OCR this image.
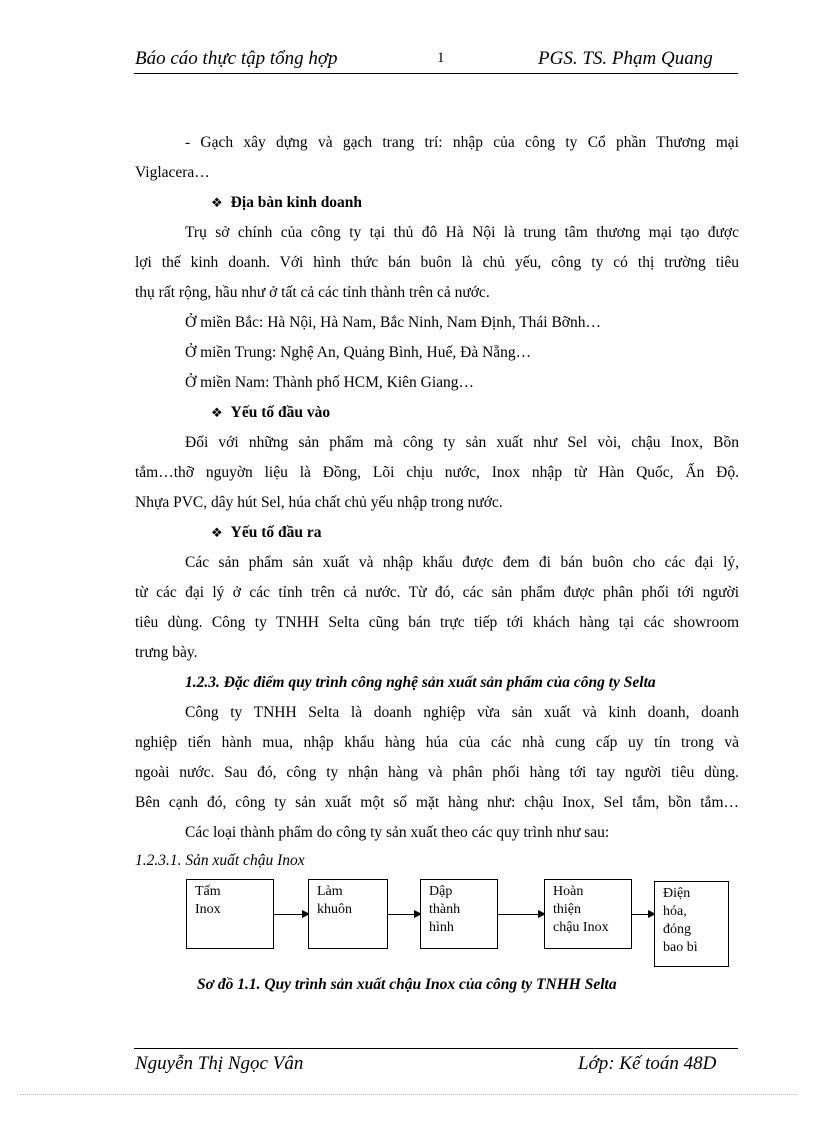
Báo cáo thực tập tổng hợp	1	PGS. TS. Phạm Quang
- Gạch xây dựng và gạch trang trí: nhập của công ty Cổ phần Thương mại
Viglacera…
❖ Địa bàn kinh doanh
Trụ sở chính của công ty tại thủ đô Hà Nội là trung tâm thương mại tạo được
lợi thế kinh doanh. Với hình thức bán buôn là chủ yếu, công ty có thị trường tiêu
thụ rất rộng, hầu như ở tất cả các tỉnh thành trên cả nước.
Ở miền Bắc: Hà Nội, Hà Nam, Bắc Ninh, Nam Định, Thái Bỡnh…
Ở miền Trung: Nghệ An, Quảng Bình, Huế, Đà Nẵng…
Ở miền Nam: Thành phố HCM, Kiên Giang…
❖ Yếu tố đầu vào
Đối với những sản phẩm mà công ty sản xuất như Sel vòi, chậu Inox, Bồn
tắm…thỡ nguyờn liệu là Đồng, Lõi chịu nước, Inox nhập từ Hàn Quốc, Ấn Độ.
Nhựa PVC, dây hút Sel, húa chất chủ yếu nhập trong nước.
❖ Yếu tố đầu ra
Các sản phẩm sản xuất và nhập khẩu được đem đi bán buôn cho các đại lý,
từ các đại lý ở các tỉnh trên cả nước. Từ đó, các sản phẩm được phân phối tới người
tiêu dùng. Công ty TNHH Selta cũng bán trực tiếp tới khách hàng tại các showroom
trưng bày.
1.2.3. Đặc điểm quy trình công nghệ sản xuất sản phẩm của công ty Selta
Công ty TNHH Selta là doanh nghiệp vừa sản xuất và kinh doanh, doanh
nghiệp tiến hành mua, nhập khẩu hàng húa của các nhà cung cấp uy tín trong và
ngoài nước. Sau đó, công ty nhận hàng và phân phối hàng tới tay người tiêu dùng.
Bên cạnh đó, công ty sản xuất một số mặt hàng như: chậu Inox, Sel tắm, bồn tắm…
Các loại thành phẩm do công ty sản xuất theo các quy trình như sau:
1.2.3.1. Sản xuất chậu Inox
Tấm
Inox
Làm
khuôn
Dập
thành
hình
Hoàn
thiện
chậu Inox
Điện
hóa,
đóng
bao bì
Sơ đồ 1.1. Quy trình sản xuất chậu Inox của công ty TNHH Selta
Nguyễn Thị Ngọc Vân	Lớp: Kế toán 48D
